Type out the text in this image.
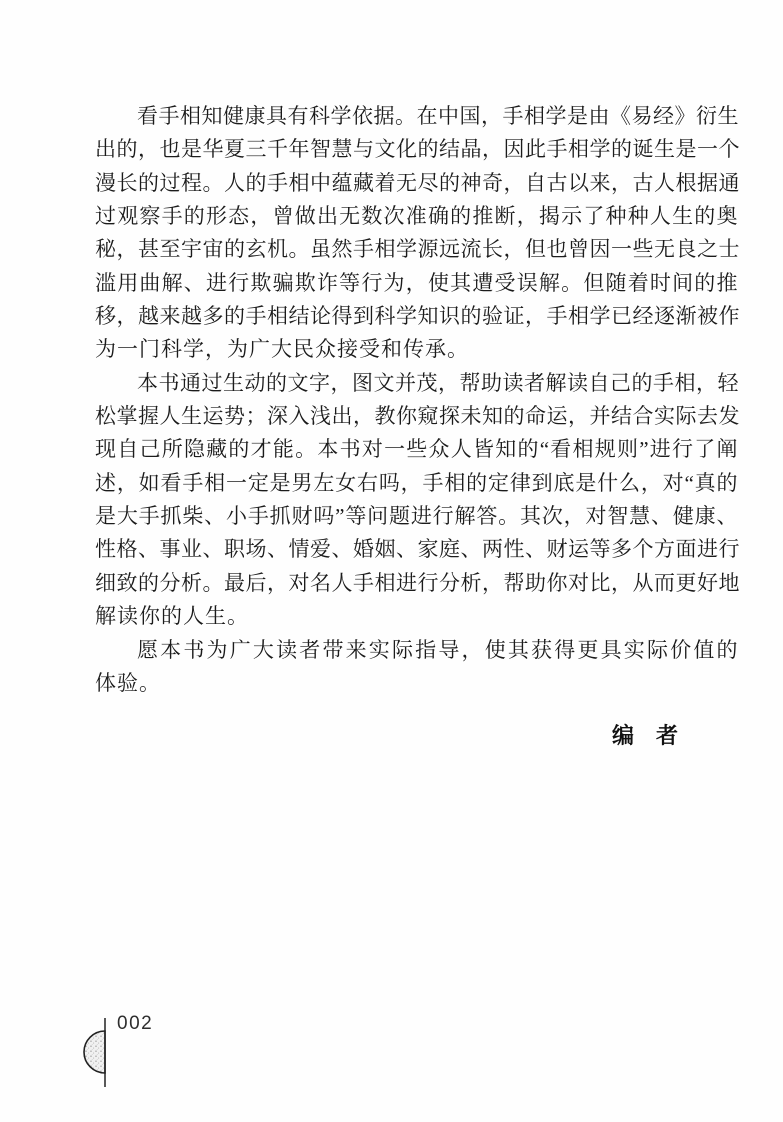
看手相知健康具有科学依据。在中国，手相学是由《易经》衍生
出的，也是华夏三千年智慧与文化的结晶，因此手相学的诞生是一个
漫长的过程。人的手相中蕴藏着无尽的神奇，自古以来，古人根据通
过观察手的形态，曾做出无数次准确的推断，揭示了种种人生的奥
秘，甚至宇宙的玄机。虽然手相学源远流长，但也曾因一些无良之士
滥用曲解、进行欺骗欺诈等行为，使其遭受误解。但随着时间的推
移，越来越多的手相结论得到科学知识的验证，手相学已经逐渐被作
为一门科学，为广大民众接受和传承。
本书通过生动的文字，图文并茂，帮助读者解读自己的手相，轻
松掌握人生运势；深入浅出，教你窥探未知的命运，并结合实际去发
现自己所隐藏的才能。本书对一些众人皆知的“看相规则”进行了阐
述，如看手相一定是男左女右吗，手相的定律到底是什么，对“真的
是大手抓柴、小手抓财吗”等问题进行解答。其次，对智慧、健康、
性格、事业、职场、情爱、婚姻、家庭、两性、财运等多个方面进行
细致的分析。最后，对名人手相进行分析，帮助你对比，从而更好地
解读你的人生。
愿本书为广大读者带来实际指导，使其获得更具实际价值的
体验。
编　者
002
